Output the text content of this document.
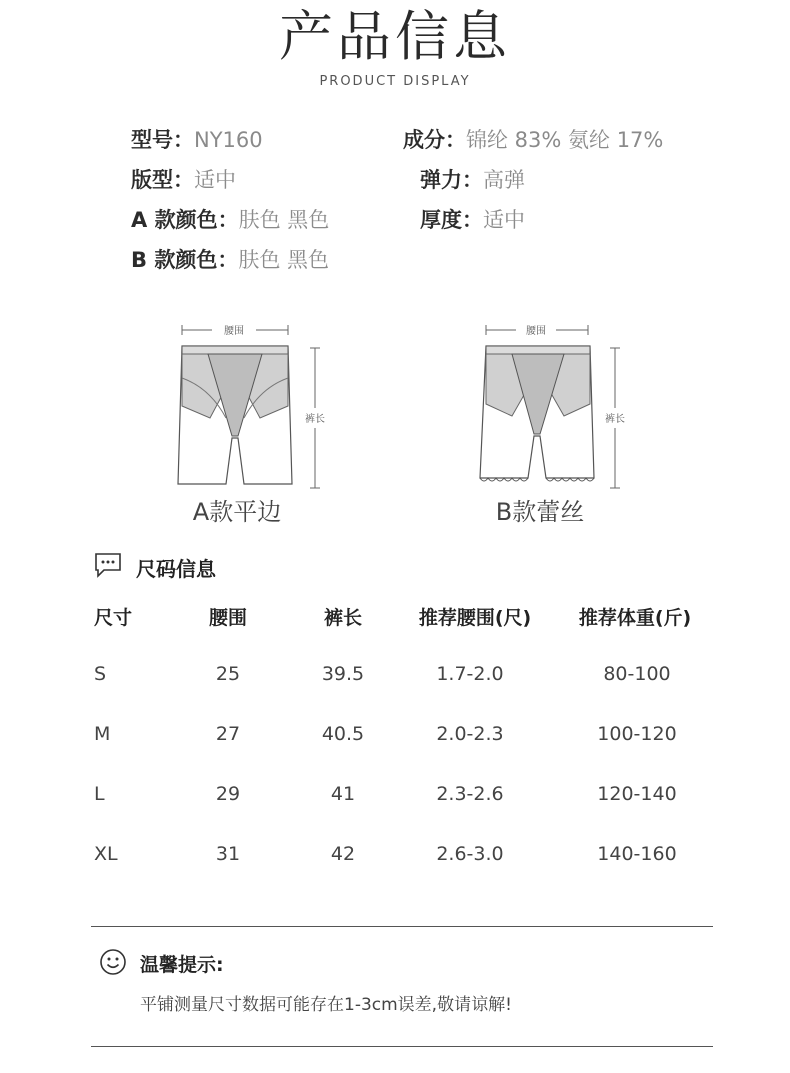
产品信息
PRODUCT DISPLAY
型号：NY160	成分：锦纶 83% 氨纶 17%
版型：适中	弹力：高弹
A 款颜色：肤色 黑色	厚度：适中
B 款颜色：肤色 黑色
腰围
裤长
A款平边
腰围
裤长
B款蕾丝
尺码信息
尺寸	腰围	裤长	推荐腰围(尺)	推荐体重(斤)
S	25	39.5	1.7-2.0	80-100
M	27	40.5	2.0-2.3	100-120
L	29	41	2.3-2.6	120-140
XL	31	42	2.6-3.0	140-160
温馨提示:
平铺测量尺寸数据可能存在1-3cm误差,敬请谅解!
